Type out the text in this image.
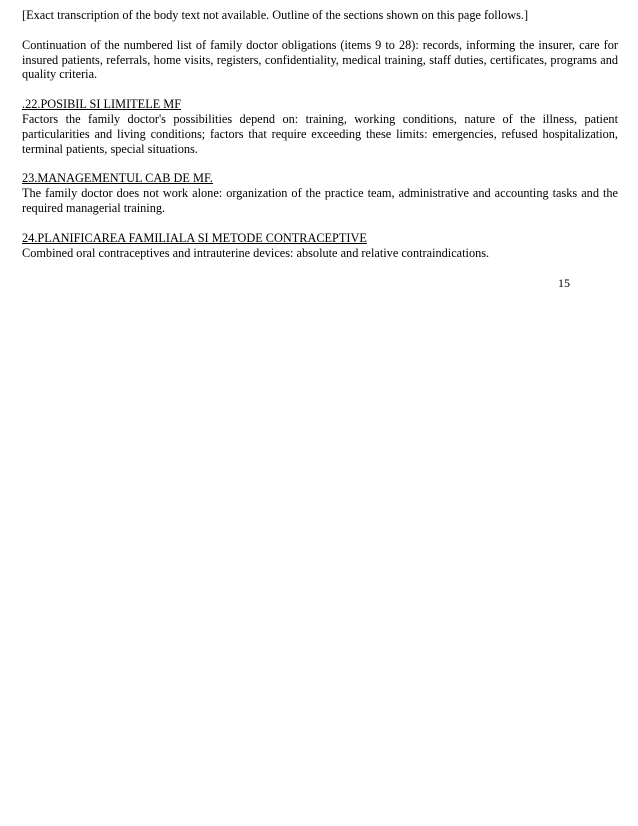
[Exact transcription of the body text not available. Outline of the sections shown on this page follows.]

Continuation of the numbered list of family doctor obligations (items 9 to 28): records, informing the insurer, care for insured patients, referrals, home visits, registers, confidentiality, medical training, staff duties, certificates, programs and quality criteria.

.22.POSIBIL SI LIMITELE MF

Factors the family doctor's possibilities depend on: training, working conditions, nature of the illness, patient particularities and living conditions; factors that require exceeding these limits: emergencies, refused hospitalization, terminal patients, special situations.

23.MANAGEMENTUL CAB DE MF.

The family doctor does not work alone: organization of the practice team, administrative and accounting tasks and the required managerial training.

24.PLANIFICAREA FAMILIALA SI METODE CONTRACEPTIVE

Combined oral contraceptives and intrauterine devices: absolute and relative contraindications.

15
